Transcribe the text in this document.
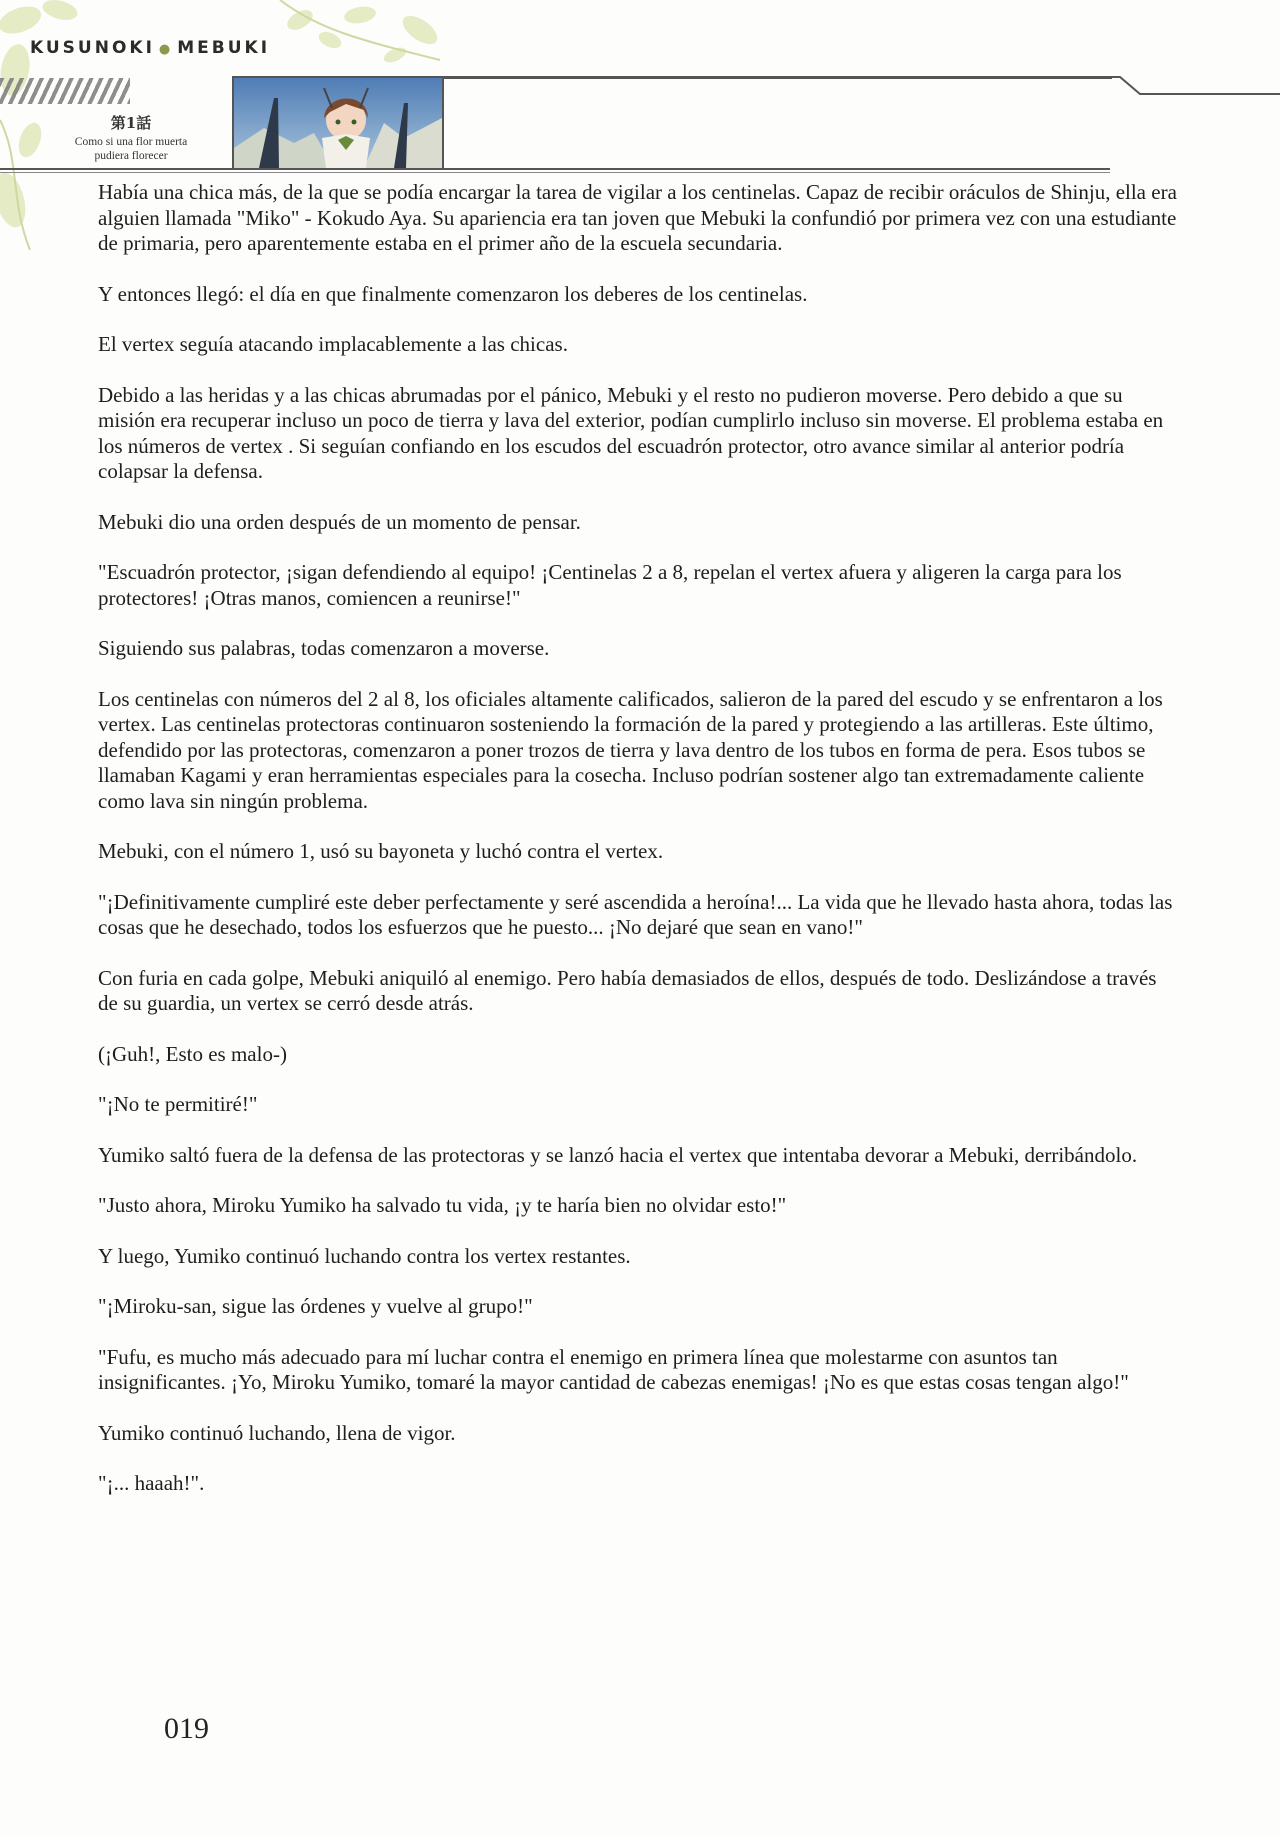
KUSUNOKI ● MEBUKI
第1話
Como si una flor muerta
pudiera florecer

Había una chica más, de la que se podía encargar la tarea de vigilar a los centinelas. Capaz de recibir oráculos de Shinju, ella era alguien llamada "Miko" - Kokudo Aya. Su apariencia era tan joven que Mebuki la confundió por primera vez con una estudiante de primaria, pero aparentemente estaba en el primer año de la escuela secundaria.

Y entonces llegó: el día en que finalmente comenzaron los deberes de los centinelas.

El vertex seguía atacando implacablemente a las chicas.

Debido a las heridas y a las chicas abrumadas por el pánico, Mebuki y el resto no pudieron moverse. Pero debido a que su misión era recuperar incluso un poco de tierra y lava del exterior, podían cumplirlo incluso sin moverse. El problema estaba en los números de vertex . Si seguían confiando en los escudos del escuadrón protector, otro avance similar al anterior podría colapsar la defensa.

Mebuki dio una orden después de un momento de pensar.

"Escuadrón protector, ¡sigan defendiendo al equipo! ¡Centinelas 2 a 8, repelan el vertex afuera y aligeren la carga para los protectores! ¡Otras manos, comiencen a reunirse!"

Siguiendo sus palabras, todas comenzaron a moverse.

Los centinelas con números del 2 al 8, los oficiales altamente calificados, salieron de la pared del escudo y se enfrentaron a los vertex. Las centinelas protectoras continuaron sosteniendo la formación de la pared y protegiendo a las artilleras. Este último, defendido por las protectoras, comenzaron a poner trozos de tierra y lava dentro de los tubos en forma de pera. Esos tubos se llamaban Kagami y eran herramientas especiales para la cosecha. Incluso podrían sostener algo tan extremadamente caliente como lava sin ningún problema.

Mebuki, con el número 1, usó su bayoneta y luchó contra el vertex.

"¡Definitivamente cumpliré este deber perfectamente y seré ascendida a heroína!... La vida que he llevado hasta ahora, todas las cosas que he desechado, todos los esfuerzos que he puesto... ¡No dejaré que sean en vano!"

Con furia en cada golpe, Mebuki aniquiló al enemigo. Pero había demasiados de ellos, después de todo. Deslizándose a través de su guardia, un vertex se cerró desde atrás.

(¡Guh!, Esto es malo-)

"¡No te permitiré!"

Yumiko saltó fuera de la defensa de las protectoras y se lanzó hacia el vertex que intentaba devorar a Mebuki, derribándolo.

"Justo ahora, Miroku Yumiko ha salvado tu vida, ¡y te haría bien no olvidar esto!"

Y luego, Yumiko continuó luchando contra los vertex restantes.

"¡Miroku-san, sigue las órdenes y vuelve al grupo!"

"Fufu, es mucho más adecuado para mí luchar contra el enemigo en primera línea que molestarme con asuntos tan insignificantes. ¡Yo, Miroku Yumiko, tomaré la mayor cantidad de cabezas enemigas! ¡No es que estas cosas tengan algo!"

Yumiko continuó luchando, llena de vigor.

"¡... haaah!".

019
